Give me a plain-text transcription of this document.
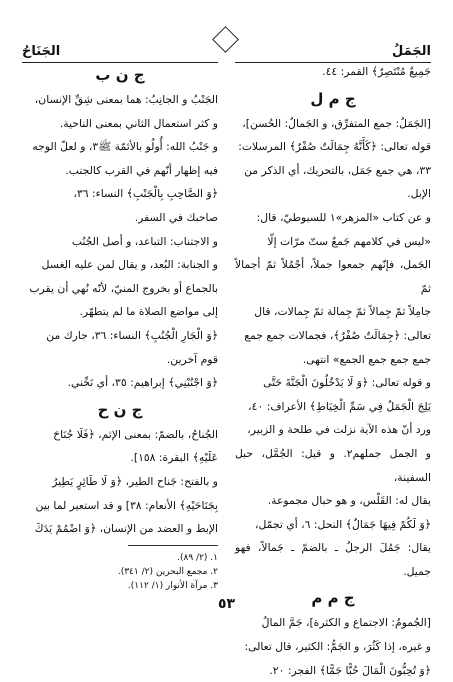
الجَمَلُ
الجَنَاحُ

جَمِيعٌ مُنْتَصِرٌ﴾ القمر: ٤٤.

ج م ل

[الجَمَلُ: جمع المتفرِّق، و الجَمالُ: الحُسن]،

قوله تعالى: ﴿كَأَنَّهُ جِمَالَتٌ صُفْرٌ﴾ المرسلات:

٣٣، هي جمع جَمَل، بالتحريك، أي الذكر من

الإبل.

و عن كتاب «المزهر»١ للسيوطيّ، قال:

«ليس في كلامهم جَمعٌ ستّ مرّات إلّا

الجَمل، فإنّهم جمعوا جملاً، أجْمُلاً ثمّ أجمالاً ثمّ

جامِلاً ثمّ جِمالاً ثمّ جِمالة ثمّ جِمالات، قال

تعالى: ﴿جِمَالَتٌ صُفْرٌ﴾، فجمالات جمع جمع

جمع جمع جمع الجمع» انتهى.

و قوله تعالى: ﴿وَ لَا يَدْخُلُونَ الْجَنَّةَ حَتَّى

يَلِجَ الْجَمَلُ فِي سَمِّ الْخِيَاطِ﴾ الأعراف: ٤٠،

ورد أنّ هذه الآية نزلت في طلحة و الزبير،

و الجمل جملهم٢. و قيل: الجُمَّل، حبل السفينة،

يقال له: القَلْس، و هو حبال مجموعة.

﴿وَ لَكُمْ فِيهَا جَمَالٌ﴾ النحل: ٦، أي تجمّل،

يقال: جَمُلَ الرجلُ ـ بالضمّ ـ جَمالاً، فهو جميل.

ج م م

[الجُمومُ: الاجتماع و الكثرة]، جَمَّ المالُ

و غيره، إذا كَثُرَ، و الجَمُّ: الكثير، قال تعالى:

﴿وَ تُحِبُّونَ الْمَالَ حُبًّا جَمًّا﴾ الفجر: ٢٠.

ج ن ب

الجَنْبُ و الجانِبُ: هما بمعنى شِقِّ الإنسان،

و كثر استعمال الثاني بمعنى الناحية.

و جَنْبُ الله: أُولُو بالأئمّة ﷺ٣، و لعلّ الوجه

فيه إظهار أنّهم في القرب كالجنب.

﴿وَ الصَّاحِبِ بِالْجَنْبِ﴾ النساء: ٣٦،

صاحبك في السفر.

و الاجتناب: التباعد، و أصل الجُنُب

و الجنابة: البُعد، و يقال لمن عليه الغسل

بالجماع أو بخروج المنيّ، لأنّه نُهي أن يقرب

إلى مواضع الصلاة ما لم يتطهّر.

﴿وَ الْجَارِ الْجُنُبِ﴾ النساء: ٣٦، جارك من

قوم آخرين.

﴿وَ اجْنُبْنِي﴾ إبراهيم: ٣٥، أي نَحِّني.

ج ن ح

الجُناحُ، بالضمّ: بمعنى الإثم، ﴿فَلَا جُنَاحَ

عَلَيْهِ﴾ البقرة: ١٥٨].

و بالفتح: جَناح الطير، ﴿وَ لَا طَائِرٍ يَطِيرُ

بِجَنَاحَيْهِ﴾ الأنعام: ٣٨] و قد استعير لما بين

الإبط و العضد من الإنسان، ﴿وَ اضْمُمْ يَدَكَ

١. (٢/ ٨٩).
٢. مجمع البحرين (٢/ ٣٤١).
٣. مرآة الأنوار (١/ ١١٢).
٥٣
